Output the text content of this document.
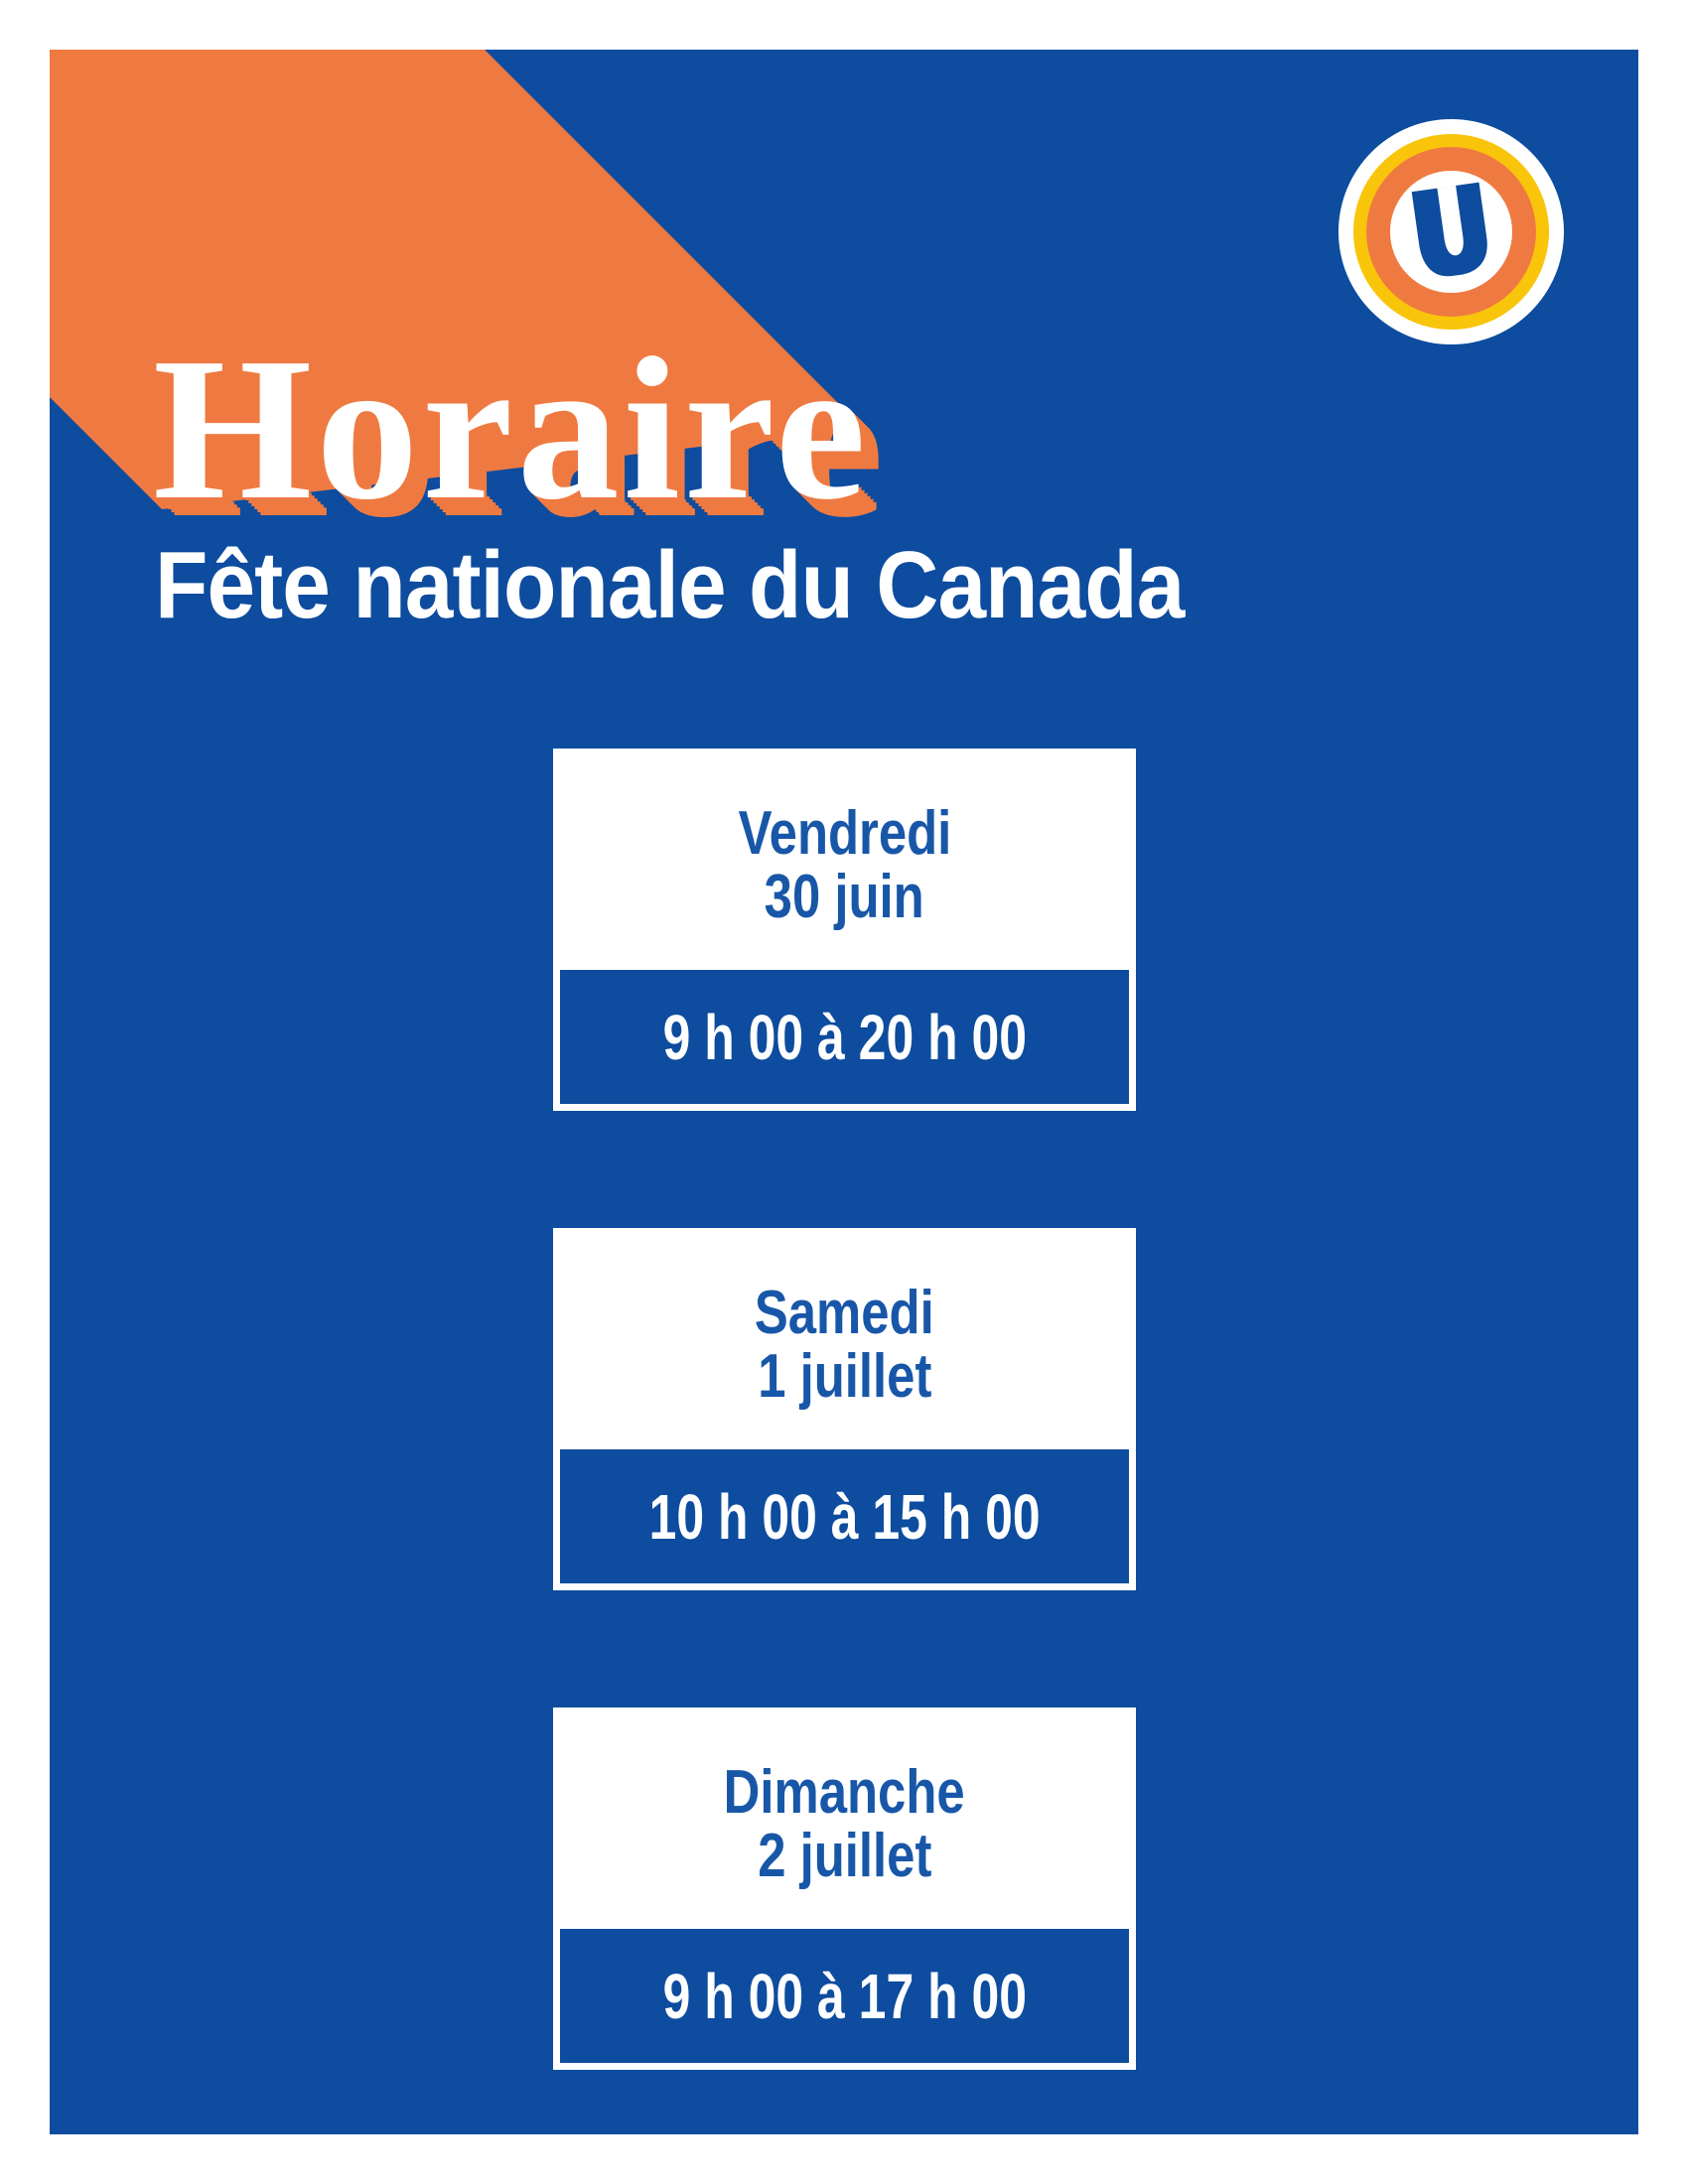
Horaire
Fête nationale du Canada
Vendredi
30 juin
9 h 00 à 20 h 00
Samedi
1 juillet
10 h 00 à 15 h 00
Dimanche
2 juillet
9 h 00 à 17 h 00
